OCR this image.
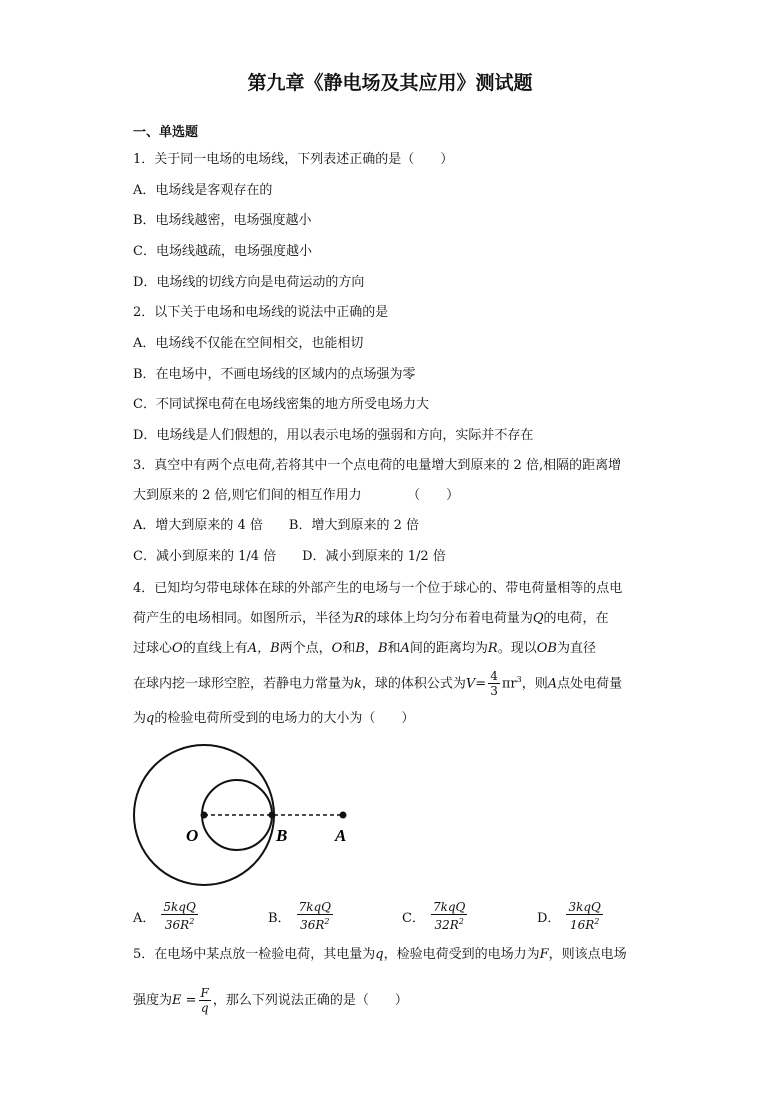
第九章《静电场及其应用》测试题
一、单选题
1．关于同一电场的电场线，下列表述正确的是（　　）
A．电场线是客观存在的
B．电场线越密，电场强度越小
C．电场线越疏，电场强度越小
D．电场线的切线方向是电荷运动的方向
2．以下关于电场和电场线的说法中正确的是
A．电场线不仅能在空间相交，也能相切
B．在电场中，不画电场线的区域内的点场强为零
C．不同试探电荷在电场线密集的地方所受电场力大
D．电场线是人们假想的，用以表示电场的强弱和方向，实际并不存在
3．真空中有两个点电荷,若将其中一个点电荷的电量增大到原来的 2 倍,相隔的距离增
大到原来的 2 倍,则它们间的相互作用力　　　　（　　）
A．增大到原来的 4 倍　　B．增大到原来的 2 倍
C．减小到原来的 1/4 倍　　D．减小到原来的 1/2 倍
4．已知均匀带电球体在球的外部产生的电场与一个位于球心的、带电荷量相等的点电
荷产生的电场相同。如图所示，半径为R的球体上均匀分布着电荷量为Q的电荷，在
过球心O的直线上有A，B两个点，O和B，B和A间的距离均为R。现以OB为直径
在球内挖一球形空腔，若静电力常量为k，球的体积公式为$V= \frac{4}{3} \pi r^3$，则A点处电荷量
为q的检验电荷所受到的电场力的大小为（　　）
O	B	A
A． $\frac{\text{5kqQ}}{36R^2}$	B． $\frac{\text{7kqQ}}{36R^2}$	C． $\frac{\text{7kqQ}}{32R^2}$	D． $\frac{\text{3kqQ}}{16R^2}$
5．在电场中某点放一检验电荷，其电量为q，检验电荷受到的电场力为F，则该点电场
强度为$E = \frac{F}{q}$ ，那么下列说法正确的是（　　）
